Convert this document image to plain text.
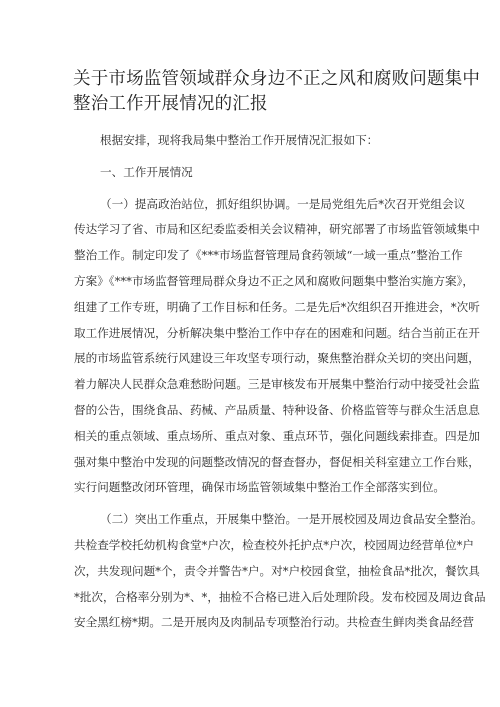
关于市场监管领域群众身边不正之风和腐败问题集中
整治工作开展情况的汇报
根据安排，现将我局集中整治工作开展情况汇报如下：
一、工作开展情况
（一）提高政治站位，抓好组织协调。一是局党组先后*次召开党组会议
传达学习了省、市局和区纪委监委相关会议精神，研究部署了市场监管领域集中
整治工作。制定印发了《***市场监督管理局食药领域“一域一重点”整治工作
方案》《***市场监督管理局群众身边不正之风和腐败问题集中整治实施方案》，
组建了工作专班，明确了工作目标和任务。二是先后*次组织召开推进会，*次听
取工作进展情况，分析解决集中整治工作中存在的困难和问题。结合当前正在开
展的市场监管系统行风建设三年攻坚专项行动，聚焦整治群众关切的突出问题，
着力解决人民群众急难愁盼问题。三是审核发布开展集中整治行动中接受社会监
督的公告，围绕食品、药械、产品质量、特种设备、价格监管等与群众生活息息
相关的重点领域、重点场所、重点对象、重点环节，强化问题线索排查。四是加
强对集中整治中发现的问题整改情况的督查督办，督促相关科室建立工作台账，
实行问题整改闭环管理，确保市场监管领域集中整治工作全部落实到位。
（二）突出工作重点，开展集中整治。一是开展校园及周边食品安全整治。
共检查学校托幼机构食堂*户次，检查校外托护点*户次，校园周边经营单位*户
次，共发现问题*个，责令并警告*户。对*户校园食堂，抽检食品*批次，餐饮具
*批次，合格率分别为*、*，抽检不合格已进入后处理阶段。发布校园及周边食品
安全黑红榜*期。二是开展肉及肉制品专项整治行动。共检查生鲜肉类食品经营
